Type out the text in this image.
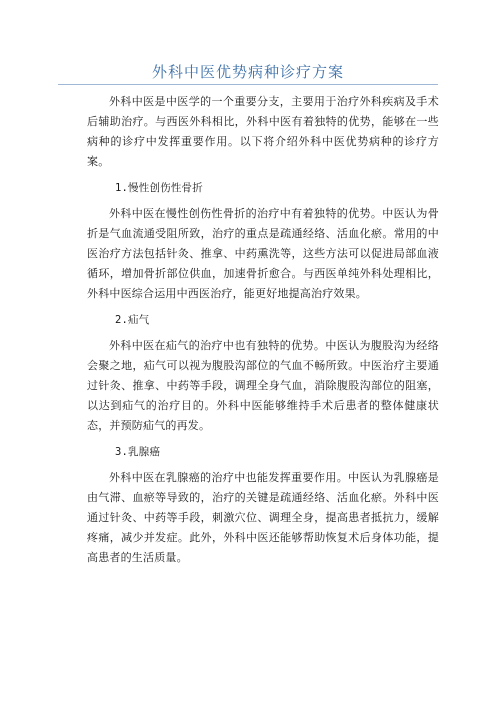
外科中医优势病种诊疗方案

外科中医是中医学的一个重要分支，主要用于治疗外科疾病及手术后辅助治疗。与西医外科相比，外科中医有着独特的优势，能够在一些病种的诊疗中发挥重要作用。以下将介绍外科中医优势病种的诊疗方案。

1.慢性创伤性骨折

外科中医在慢性创伤性骨折的治疗中有着独特的优势。中医认为骨折是气血流通受阻所致，治疗的重点是疏通经络、活血化瘀。常用的中医治疗方法包括针灸、推拿、中药熏洗等，这些方法可以促进局部血液循环，增加骨折部位供血，加速骨折愈合。与西医单纯外科处理相比，外科中医综合运用中西医治疗，能更好地提高治疗效果。

2.疝气

外科中医在疝气的治疗中也有独特的优势。中医认为腹股沟为经络会聚之地，疝气可以视为腹股沟部位的气血不畅所致。中医治疗主要通过针灸、推拿、中药等手段，调理全身气血，消除腹股沟部位的阻塞，以达到疝气的治疗目的。外科中医能够维持手术后患者的整体健康状态，并预防疝气的再发。

3.乳腺癌

外科中医在乳腺癌的治疗中也能发挥重要作用。中医认为乳腺癌是由气滞、血瘀等导致的，治疗的关键是疏通经络、活血化瘀。外科中医通过针灸、中药等手段，刺激穴位、调理全身，提高患者抵抗力，缓解疼痛，减少并发症。此外，外科中医还能够帮助恢复术后身体功能，提高患者的生活质量。
